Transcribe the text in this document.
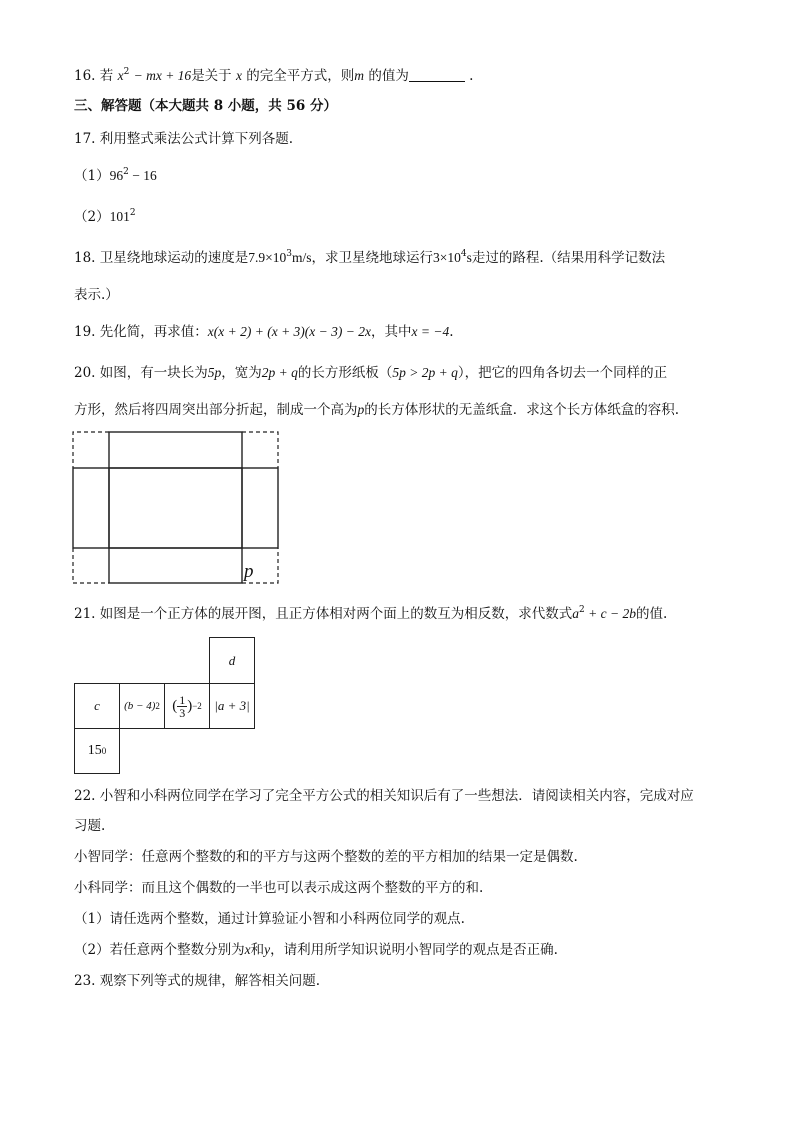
16. 若 $x^2$ − mx + 16是关于 x 的完全平方式，则m 的值为	.
三、解答题（本大题共 8 小题，共 56 分）
17. 利用整式乘法公式计算下列各题.
$(1)96^2 - 16$
$(2)101^2$
18. 卫星绕地球运动的速度是$7.9\times 10^3m/s$，求卫星绕地球运行$3\times 10^4s$走过的路程.（结果用科学记数法
表示.）
19. 先化简，再求值：x(x + 2) + (x + 3)(x − 3) − 2x，其中x = −4.
20. 如图，有一块长为5p，宽为2p + q的长方形纸板（5p > 2p + q），把它的四角各切去一个同样的正
方形，然后将四周突出部分折起，制成一个高为p的长方体形状的无盖纸盒．求这个长方体纸盒的容积.
p
21. 如图是一个正方体的展开图，且正方体相对两个面上的数互为相反数，求代数式$a^2 + c - 2b$的值.
d
c (b − 4) 2 ( $\frac{1}{3}$ ) −2 |a + 3|
15 0
22. 小智和小科两位同学在学习了完全平方公式的相关知识后有了一些想法．请阅读相关内容，完成对应
习题.
小智同学：任意两个整数的和的平方与这两个整数的差的平方相加的结果一定是偶数.
小科同学：而且这个偶数的一半也可以表示成这两个整数的平方的和.
（1）请任选两个整数，通过计算验证小智和小科两位同学的观点.
（2）若任意两个整数分别为x和y，请利用所学知识说明小智同学的观点是否正确.
23. 观察下列等式的规律，解答相关问题.
